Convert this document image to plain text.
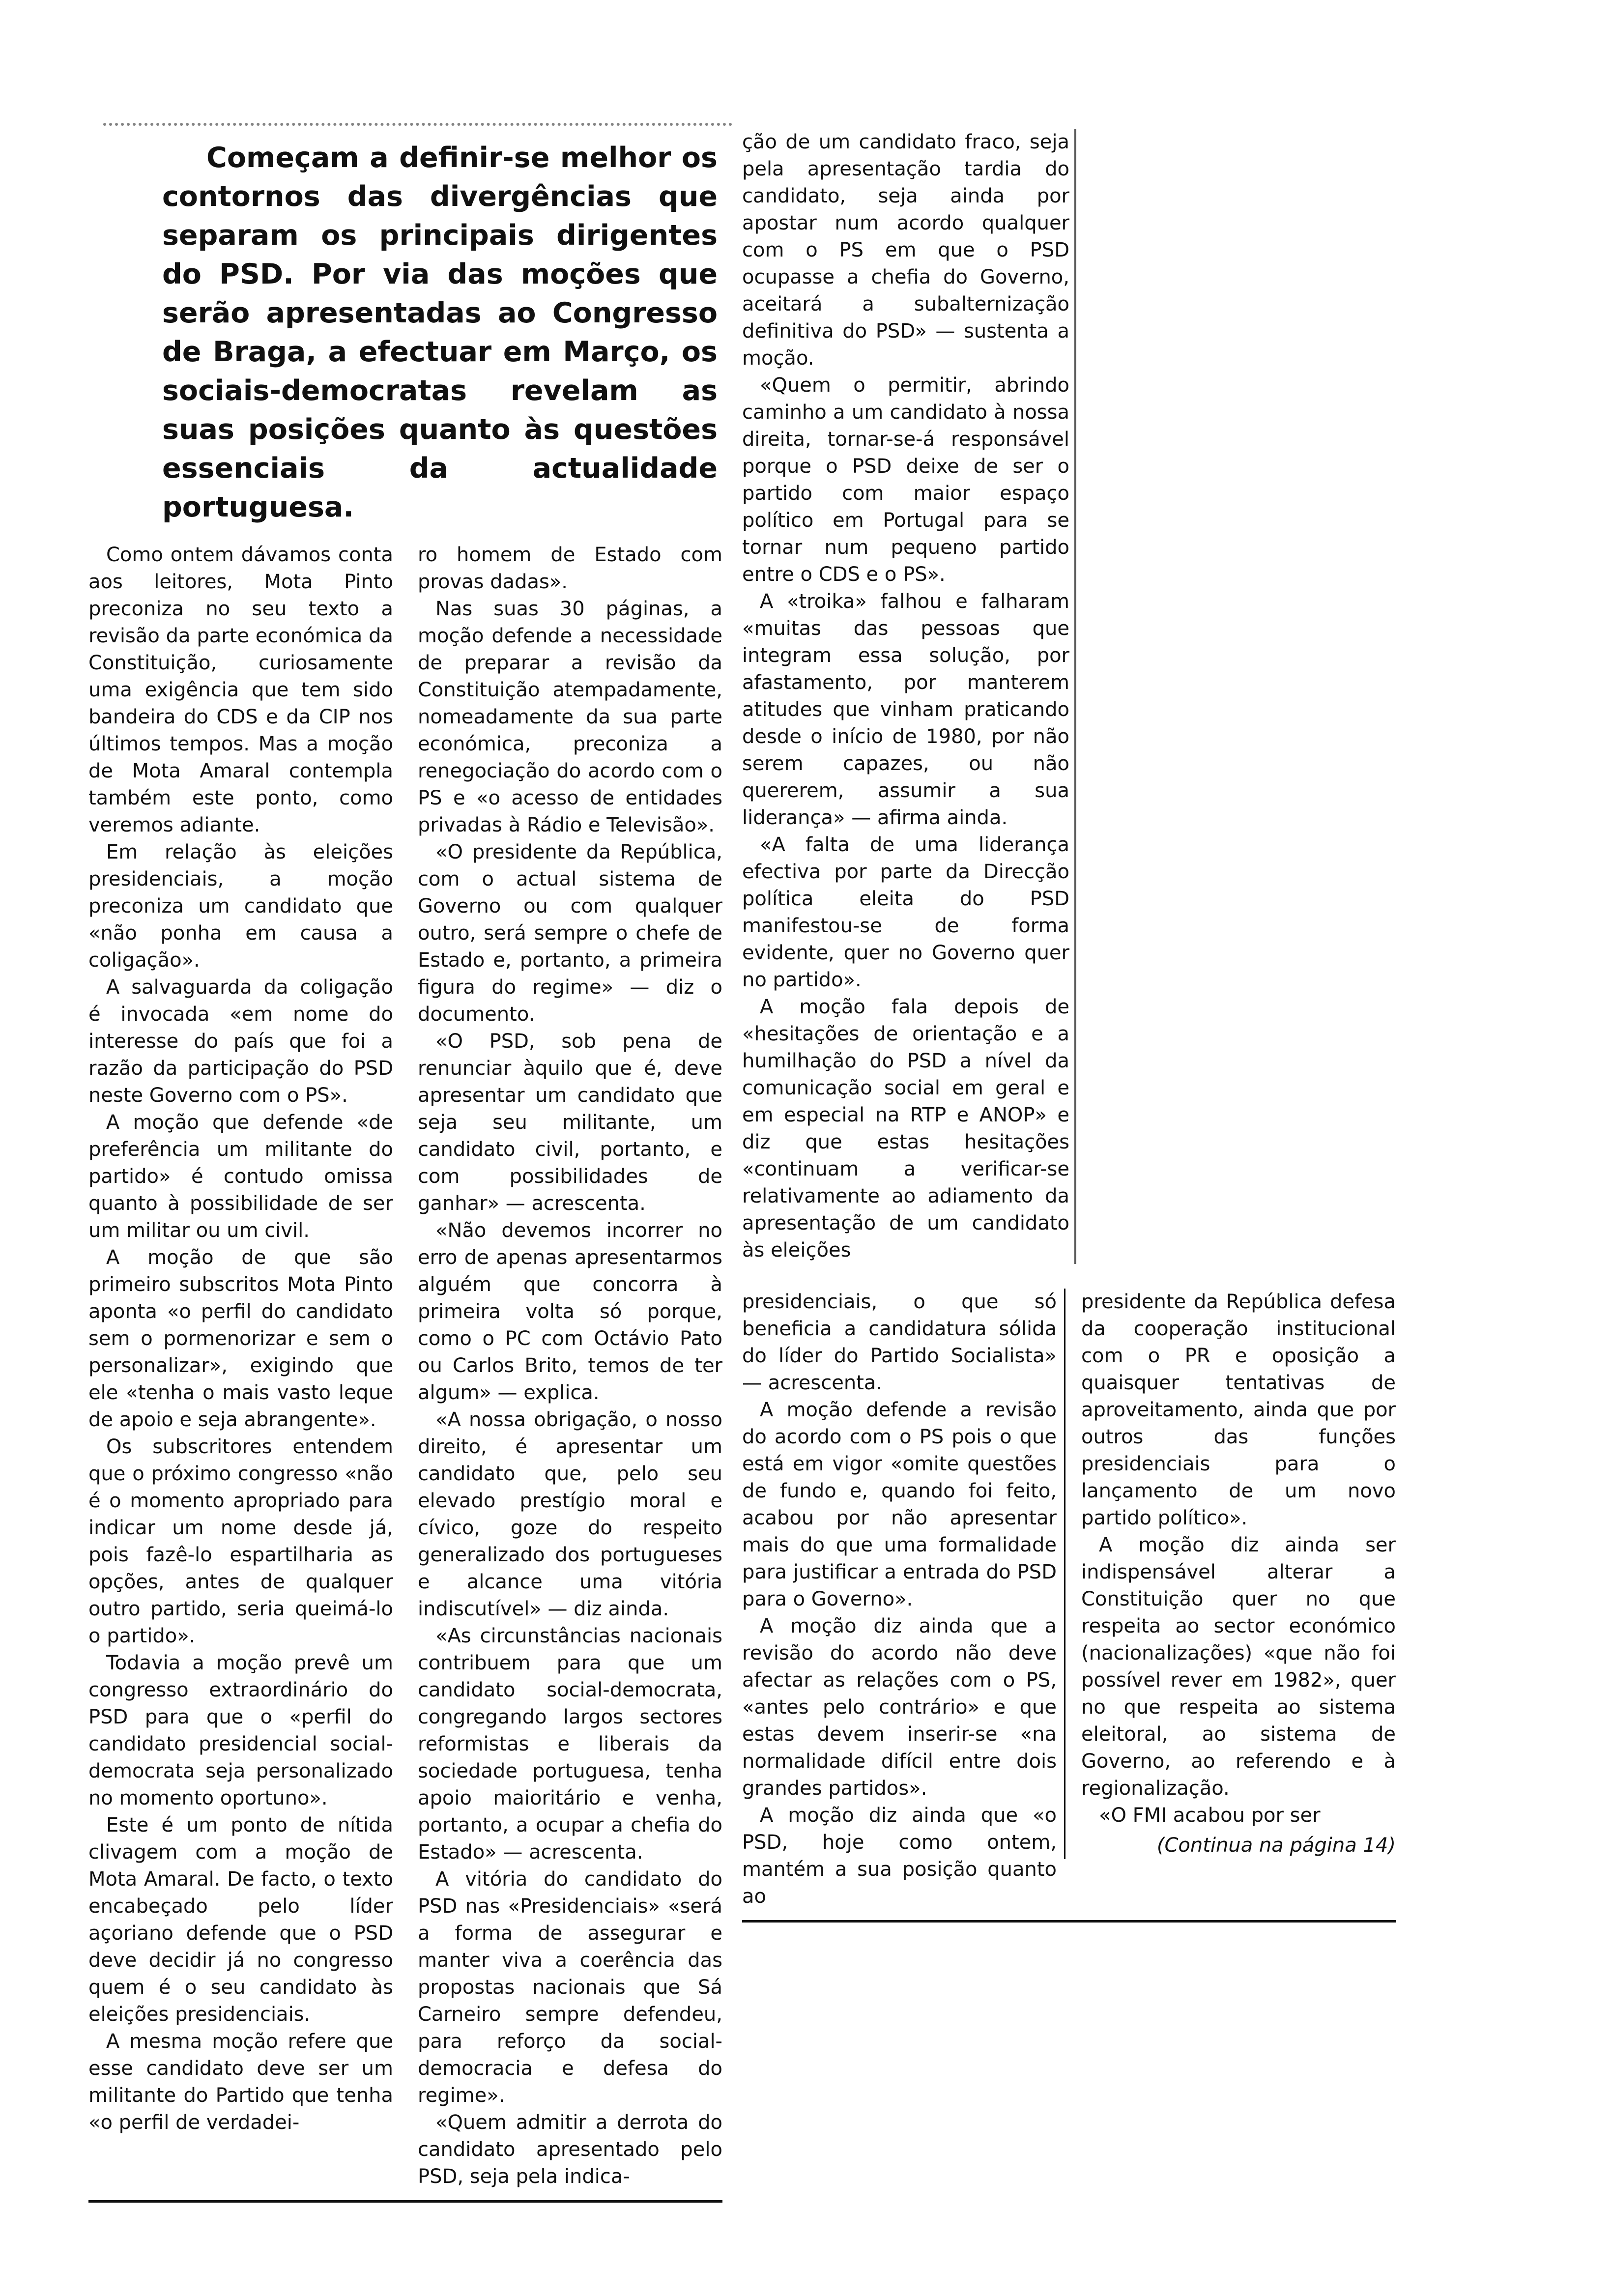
Começam a definir-se melhor os contornos das divergências que separam os principais dirigentes do PSD. Por via das moções que serão apresentadas ao Congresso de Braga, a efectuar em Março, os sociais-democratas revelam as suas posições quanto às questões essenciais da actualidade portuguesa.

Como ontem dávamos conta aos leitores, Mota Pinto preconiza no seu texto a revisão da parte económica da Constituição, curiosamente uma exigência que tem sido bandeira do CDS e da CIP nos últimos tempos. Mas a moção de Mota Amaral contempla também este ponto, como veremos adiante.

Em relação às eleições presidenciais, a moção preconiza um candidato que «não ponha em causa a coligação».

A salvaguarda da coligação é invocada «em nome do interesse do país que foi a razão da participação do PSD neste Governo com o PS».

A moção que defende «de preferência um militante do partido» é contudo omissa quanto à possibilidade de ser um militar ou um civil.

A moção de que são primeiro subscritos Mota Pinto aponta «o perfil do candidato sem o pormenorizar e sem o personalizar», exigindo que ele «tenha o mais vasto leque de apoio e seja abrangente».

Os subscritores entendem que o próximo congresso «não é o momento apropriado para indicar um nome desde já, pois fazê-lo espartilharia as opções, antes de qualquer outro partido, seria queimá-lo o partido».

Todavia a moção prevê um congresso extraordinário do PSD para que o «perfil do candidato presidencial social-democrata seja personalizado no momento oportuno».

Este é um ponto de nítida clivagem com a moção de Mota Amaral. De facto, o texto encabeçado pelo líder açoriano defende que o PSD deve decidir já no congresso quem é o seu candidato às eleições presidenciais.

A mesma moção refere que esse candidato deve ser um militante do Partido que tenha «o perfil de verdadei-

ro homem de Estado com provas dadas».

Nas suas 30 páginas, a moção defende a necessidade de preparar a revisão da Constituição atempadamente, nomeadamente da sua parte económica, preconiza a renegociação do acordo com o PS e «o acesso de entidades privadas à Rádio e Televisão».

«O presidente da República, com o actual sistema de Governo ou com qualquer outro, será sempre o chefe de Estado e, portanto, a primeira figura do regime» — diz o documento.

«O PSD, sob pena de renunciar àquilo que é, deve apresentar um candidato que seja seu militante, um candidato civil, portanto, e com possibilidades de ganhar» — acrescenta.

«Não devemos incorrer no erro de apenas apresentarmos alguém que concorra à primeira volta só porque, como o PC com Octávio Pato ou Carlos Brito, temos de ter algum» — explica.

«A nossa obrigação, o nosso direito, é apresentar um candidato que, pelo seu elevado prestígio moral e cívico, goze do respeito generalizado dos portugueses e alcance uma vitória indiscutível» — diz ainda.

«As circunstâncias nacionais contribuem para que um candidato social-democrata, congregando largos sectores reformistas e liberais da sociedade portuguesa, tenha apoio maioritário e venha, portanto, a ocupar a chefia do Estado» — acrescenta.

A vitória do candidato do PSD nas «Presidenciais» «será a forma de assegurar e manter viva a coerência das propostas nacionais que Sá Carneiro sempre defendeu, para reforço da social-democracia e defesa do regime».

«Quem admitir a derrota do candidato apresentado pelo PSD, seja pela indica-

ção de um candidato fraco, seja pela apresentação tardia do candidato, seja ainda por apostar num acordo qualquer com o PS em que o PSD ocupasse a chefia do Governo, aceitará a subalternização definitiva do PSD» — sustenta a moção.

«Quem o permitir, abrindo caminho a um candidato à nossa direita, tornar-se-á responsável porque o PSD deixe de ser o partido com maior espaço político em Portugal para se tornar num pequeno partido entre o CDS e o PS».

A «troika» falhou e falharam «muitas das pessoas que integram essa solução, por afastamento, por manterem atitudes que vinham praticando desde o início de 1980, por não serem capazes, ou não quererem, assumir a sua liderança» — afirma ainda.

«A falta de uma liderança efectiva por parte da Direcção política eleita do PSD manifestou-se de forma evidente, quer no Governo quer no partido».

A moção fala depois de «hesitações de orientação e a humilhação do PSD a nível da comunicação social em geral e em especial na RTP e ANOP» e diz que estas hesitações «continuam a verificar-se relativamente ao adiamento da apresentação de um candidato às eleições

presidenciais, o que só beneficia a candidatura sólida do líder do Partido Socialista» — acrescenta.

A moção defende a revisão do acordo com o PS pois o que está em vigor «omite questões de fundo e, quando foi feito, acabou por não apresentar mais do que uma formalidade para justificar a entrada do PSD para o Governo».

A moção diz ainda que a revisão do acordo não deve afectar as relações com o PS, «antes pelo contrário» e que estas devem inserir-se «na normalidade difícil entre dois grandes partidos».

A moção diz ainda que «o PSD, hoje como ontem, mantém a sua posição quanto ao

presidente da República defesa da cooperação institucional com o PR e oposição a quaisquer tentativas de aproveitamento, ainda que por outros das funções presidenciais para o lançamento de um novo partido político».

A moção diz ainda ser indispensável alterar a Constituição quer no que respeita ao sector económico (nacionalizações) «que não foi possível rever em 1982», quer no que respeita ao sistema eleitoral, ao sistema de Governo, ao referendo e à regionalização.

«O FMI acabou por ser

(Continua na página 14)
